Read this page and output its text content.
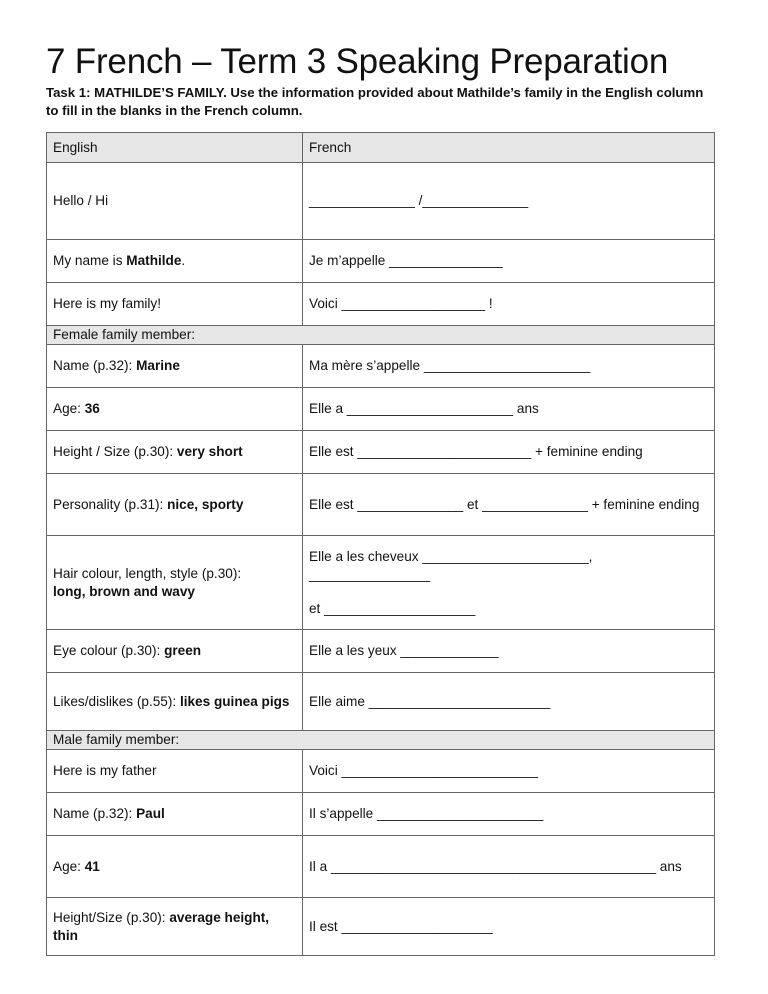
7 French – Term 3 Speaking Preparation

Task 1: MATHILDE’S FAMILY. Use the information provided about Mathilde’s family in the English column to fill in the blanks in the French column.

English	French
Hello / Hi	______________ /______________
My name is Mathilde.	Je m’appelle _______________
Here is my family!	Voici ___________________ !
Female family member:	
Name (p.32): Marine	Ma mère s’appelle ______________________
Age: 36	Elle a ______________________ ans
Height / Size (p.30): very short	Elle est _______________________ + feminine ending
Personality (p.31): nice, sporty	Elle est ______________ et ______________ + feminine ending
Hair colour, length, style (p.30):
long, brown and wavy	Elle a les cheveux ______________________, ________________
et ____________________
Eye colour (p.30): green	Elle a les yeux _____________
Likes/dislikes (p.55): likes guinea pigs	Elle aime ________________________
Male family member:	
Here is my father	Voici __________________________
Name (p.32): Paul	Il s’appelle ______________________
Age: 41	Il a ___________________________________________ ans
Height/Size (p.30): average height, thin	Il est ____________________
